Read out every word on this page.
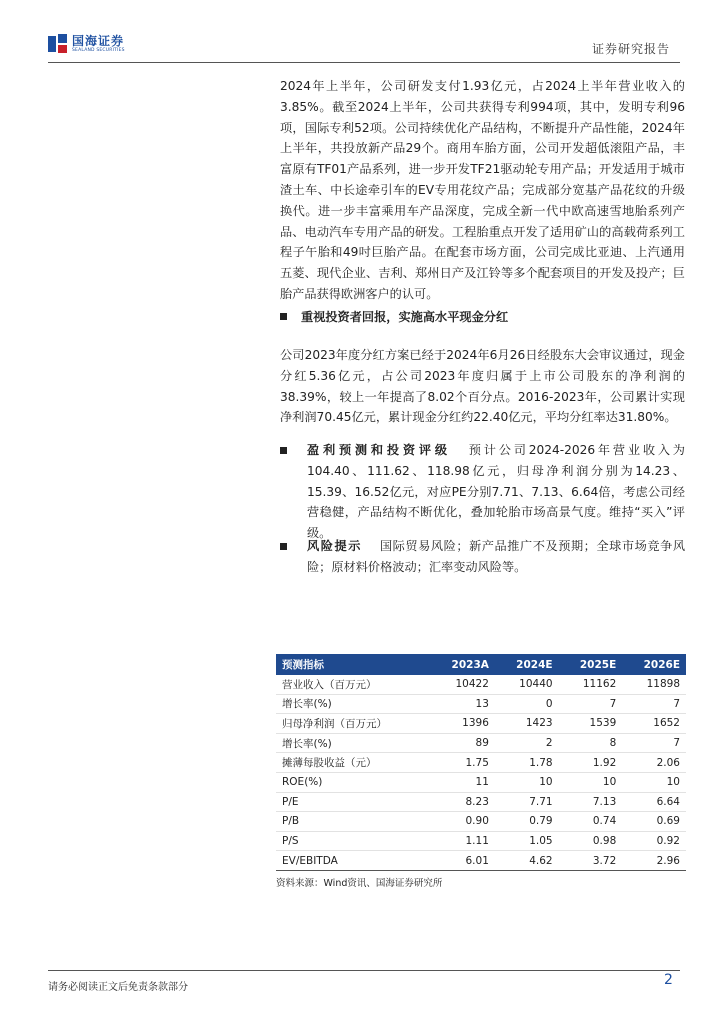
国海证券
SEALAND SECURITIES	证券研究报告

2024年上半年，公司研发支付1.93亿元，占2024上半年营业收入的3.85%。截至2024上半年，公司共获得专利994项，其中，发明专利96项，国际专利52项。公司持续优化产品结构，不断提升产品性能，2024年上半年，共投放新产品29个。商用车胎方面，公司开发超低滚阻产品，丰富原有TF01产品系列，进一步开发TF21驱动轮专用产品；开发适用于城市渣土车、中长途牵引车的EV专用花纹产品；完成部分宽基产品花纹的升级换代。进一步丰富乘用车产品深度，完成全新一代中欧高速雪地胎系列产品、电动汽车专用产品的研发。工程胎重点开发了适用矿山的高载荷系列工程子午胎和49吋巨胎产品。在配套市场方面，公司完成比亚迪、上汽通用五菱、现代企业、吉利、郑州日产及江铃等多个配套项目的开发及投产；巨胎产品获得欧洲客户的认可。

重视投资者回报，实施高水平现金分红

公司2023年度分红方案已经于2024年6月26日经股东大会审议通过，现金分红5.36亿元，占公司2023年度归属于上市公司股东的净利润的38.39%，较上一年提高了8.02个百分点。2016-2023年，公司累计实现净利润70.45亿元，累计现金分红约22.40亿元，平均分红率达31.80%。

盈利预测和投资评级 预计公司2024-2026年营业收入为104.40、111.62、118.98亿元，归母净利润分别为14.23、15.39、16.52亿元，对应PE分别7.71、7.13、6.64倍，考虑公司经营稳健，产品结构不断优化，叠加轮胎市场高景气度。维持“买入”评级。
风险提示 国际贸易风险；新产品推广不及预期；全球市场竞争风险；原材料价格波动；汇率变动风险等。
预测指标	2023A	2024E	2025E	2026E
营业收入（百万元）	10422	10440	11162	11898
增长率(%)	13	0	7	7
归母净利润（百万元）	1396	1423	1539	1652
增长率(%)	89	2	8	7
摊薄每股收益（元）	1.75	1.78	1.92	2.06
ROE(%)	11	10	10	10
P/E	8.23	7.71	7.13	6.64
P/B	0.90	0.79	0.74	0.69
P/S	1.11	1.05	0.98	0.92
EV/EBITDA	6.01	4.62	3.72	2.96
资料来源：Wind资讯、国海证券研究所
请务必阅读正文后免责条款部分	2
